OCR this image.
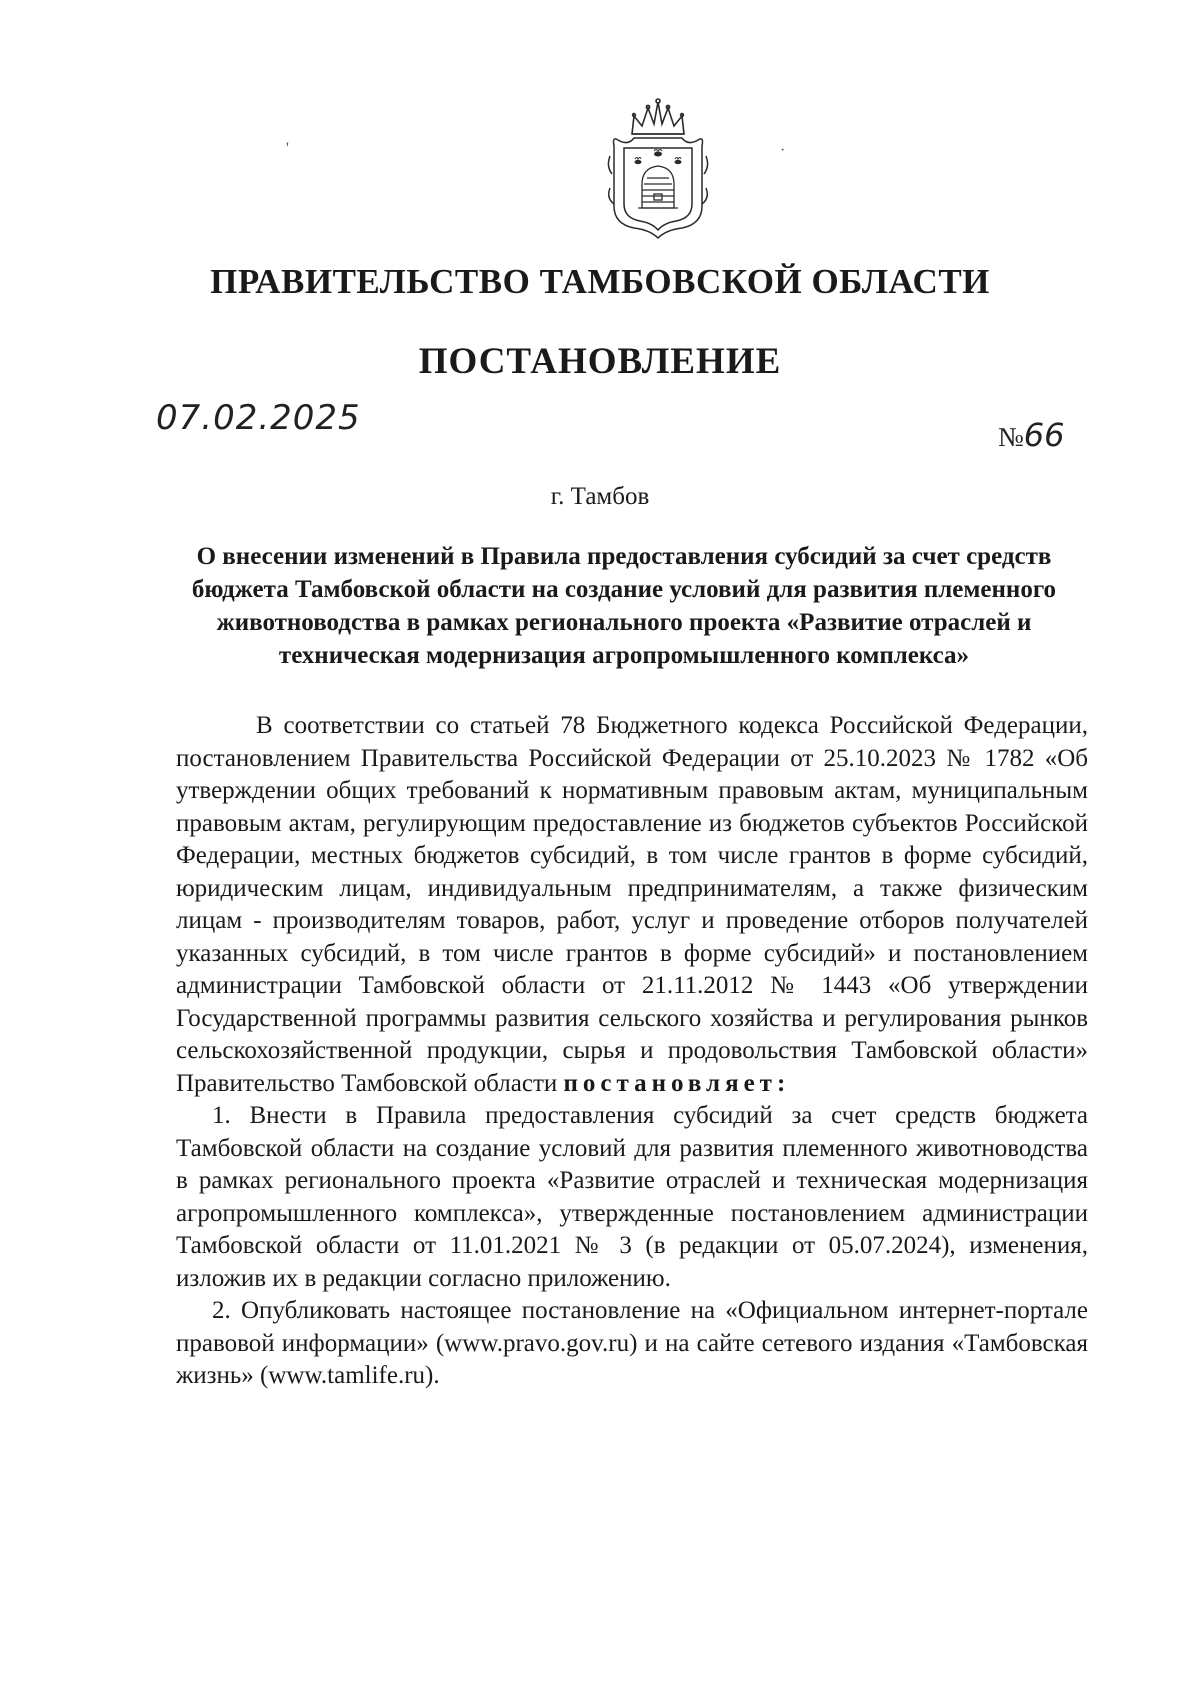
'	·
ПРАВИТЕЛЬСТВО ТАМБОВСКОЙ ОБЛАСТИ
ПОСТАНОВЛЕНИЕ
07.02.2025	№66
г. Тамбов

О внесении изменений в Правила предоставления субсидий за счет средств бюджета Тамбовской области на создание условий для развития племенного животноводства в рамках регионального проекта «Развитие отраслей и техническая модернизация агропромышленного комплекса»

В соответствии со статьей 78 Бюджетного кодекса Российской Федерации, постановлением Правительства Российской Федерации от 25.10.2023 № 1782 «Об утверждении общих требований к нормативным правовым актам, муниципальным правовым актам, регулирующим предоставление из бюджетов субъектов Российской Федерации, местных бюджетов субсидий, в том числе грантов в форме субсидий, юридическим лицам, индивидуальным предпринимателям, а также физическим лицам - производителям товаров, работ, услуг и проведение отборов получателей указанных субсидий, в том числе грантов в форме субсидий» и постановлением администрации Тамбовской области от 21.11.2012 № 1443 «Об утверждении Государственной программы развития сельского хозяйства и регулирования рынков сельскохозяйственной продукции, сырья и продовольствия Тамбовской области» Правительство Тамбовской области постановляет:

1. Внести в Правила предоставления субсидий за счет средств бюджета Тамбовской области на создание условий для развития племенного животноводства в рамках регионального проекта «Развитие отраслей и техническая модернизация агропромышленного комплекса», утвержденные постановлением администрации Тамбовской области от 11.01.2021 № 3 (в редакции от 05.07.2024), изменения, изложив их в редакции согласно приложению.

2. Опубликовать настоящее постановление на «Официальном интернет-портале правовой информации» (www.pravo.gov.ru) и на сайте сетевого издания «Тамбовская жизнь» (www.tamlife.ru).
